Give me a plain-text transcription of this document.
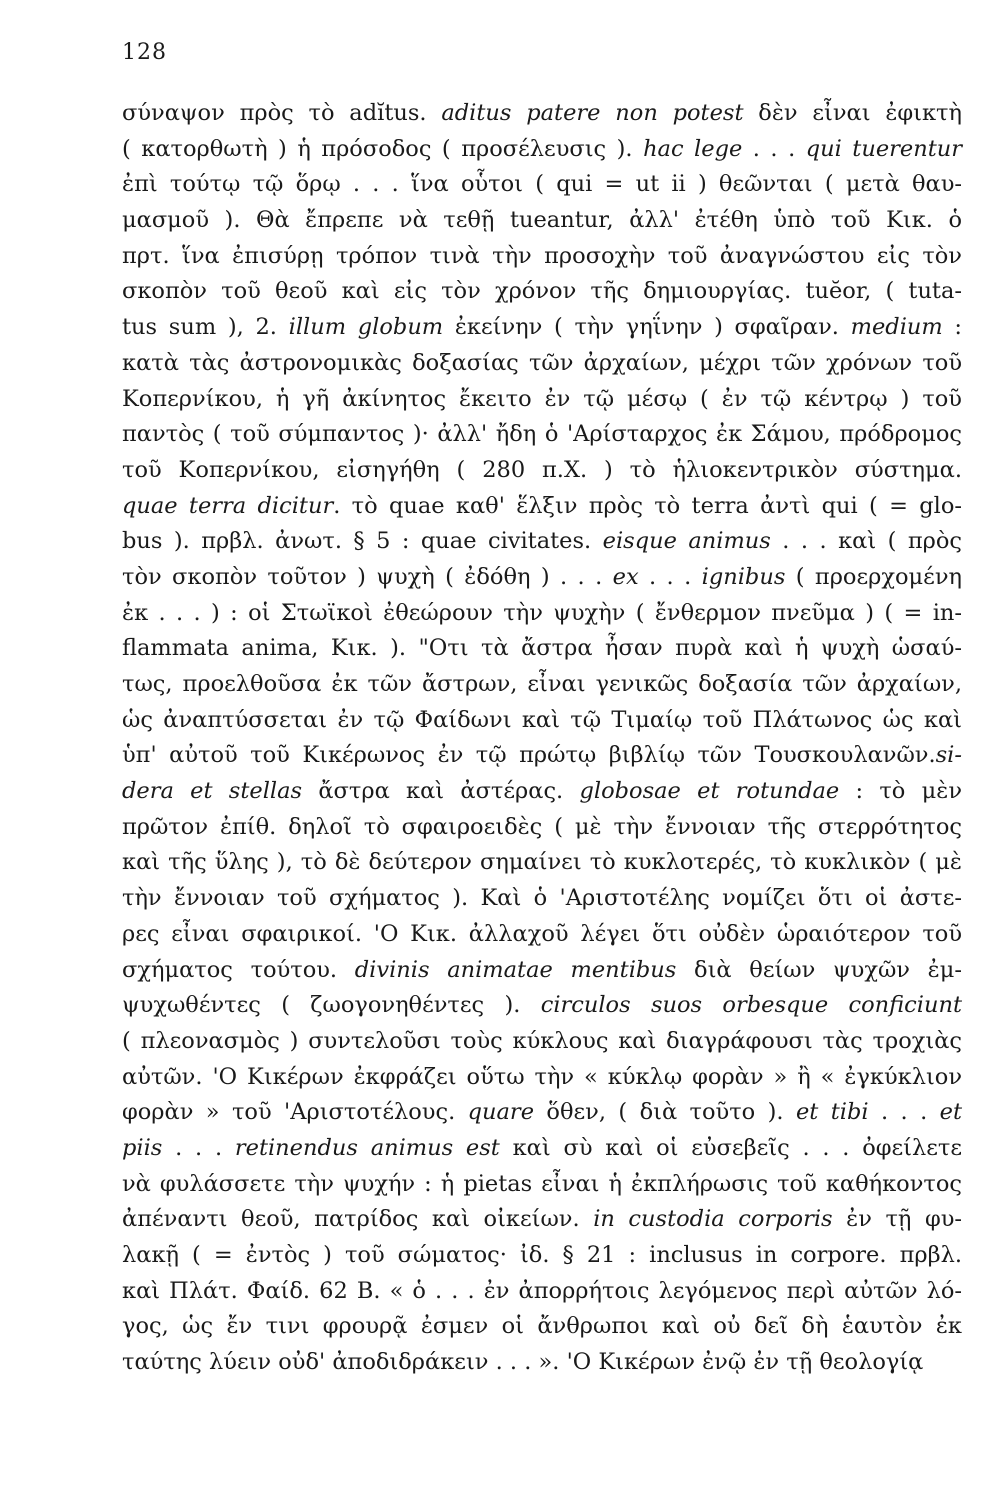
128
σύναψον πρὸς τὸ adĭtus. aditus patere non potest δὲν εἶναι ἐφικτὴ
( κατορθωτὴ ) ἡ πρόσοδος ( προσέλευσις ). hac lege . . . qui tuerentur
ἐπὶ τούτῳ τῷ ὅρῳ . . . ἵνα οὗτοι ( qui = ut ii ) θεῶνται ( μετὰ θαυ-
μασμοῦ ). Θὰ ἔπρεπε νὰ τεθῇ tueantur, ἀλλ' ἐτέθη ὑπὸ τοῦ Κικ. ὁ
πρτ. ἵνα ἐπισύρῃ τρόπον τινὰ τὴν προσοχὴν τοῦ ἀναγνώστου εἰς τὸν
σκοπὸν τοῦ θεοῦ καὶ εἰς τὸν χρόνον τῆς δημιουργίας. tuĕor, ( tuta-
tus sum ), 2. illum globum ἐκείνην ( τὴν γηΐνην ) σφαῖραν. medium :
κατὰ τὰς ἀστρονομικὰς δοξασίας τῶν ἀρχαίων, μέχρι τῶν χρόνων τοῦ
Κοπερνίκου, ἡ γῆ ἀκίνητος ἔκειτο ἐν τῷ μέσῳ ( ἐν τῷ κέντρῳ ) τοῦ
παντὸς ( τοῦ σύμπαντος )· ἀλλ' ἤδη ὁ 'Αρίσταρχος ἐκ Σάμου, πρόδρομος
τοῦ Κοπερνίκου, εἰσηγήθη ( 280 π.Χ. ) τὸ ἡλιοκεντρικὸν σύστημα.
quae terra dicitur. τὸ quae καθ' ἕλξιν πρὸς τὸ terra ἀντὶ qui ( = glo-
bus ). πρβλ. ἀνωτ. § 5 : quae civitates. eisque animus . . . καὶ ( πρὸς
τὸν σκοπὸν τοῦτον ) ψυχὴ ( ἐδόθη ) . . . ex . . . ignibus ( προερχομένη
ἐκ . . . ) : οἱ Στωϊκοὶ ἐθεώρουν τὴν ψυχὴν ( ἔνθερμον πνεῦμα ) ( = in-
flammata anima, Κικ. ). "Οτι τὰ ἄστρα ἦσαν πυρὰ καὶ ἡ ψυχὴ ὡσαύ-
τως, προελθοῦσα ἐκ τῶν ἄστρων, εἶναι γενικῶς δοξασία τῶν ἀρχαίων,
ὡς ἀναπτύσσεται ἐν τῷ Φαίδωνι καὶ τῷ Τιμαίῳ τοῦ Πλάτωνος ὡς καὶ
ὑπ' αὐτοῦ τοῦ Κικέρωνος ἐν τῷ πρώτῳ βιβλίῳ τῶν Τουσκουλανῶν.si-
dera et stellas ἄστρα καὶ ἀστέρας. globosae et rotundae : τὸ μὲν
πρῶτον ἐπίθ. δηλοῖ τὸ σφαιροειδὲς ( μὲ τὴν ἔννοιαν τῆς στερρότητος
καὶ τῆς ὕλης ), τὸ δὲ δεύτερον σημαίνει τὸ κυκλοτερές, τὸ κυκλικὸν ( μὲ
τὴν ἔννοιαν τοῦ σχήματος ). Καὶ ὁ 'Αριστοτέλης νομίζει ὅτι οἱ ἀστε-
ρες εἶναι σφαιρικοί. 'Ο Κικ. ἀλλαχοῦ λέγει ὅτι οὐδὲν ὡραιότερον τοῦ
σχήματος τούτου. divinis animatae mentibus διὰ θείων ψυχῶν ἐμ-
ψυχωθέντες ( ζωογονηθέντες ). circulos suos orbesque conficiunt
( πλεονασμὸς ) συντελοῦσι τοὺς κύκλους καὶ διαγράφουσι τὰς τροχιὰς
αὐτῶν. 'Ο Κικέρων ἐκφράζει οὕτω τὴν « κύκλῳ φορὰν » ἢ « ἐγκύκλιον
φορὰν » τοῦ 'Αριστοτέλους. quare ὅθεν, ( διὰ τοῦτο ). et tibi . . . et
piis . . . retinendus animus est καὶ σὺ καὶ οἱ εὐσεβεῖς . . . ὀφείλετε
νὰ φυλάσσετε τὴν ψυχήν : ἡ pietas εἶναι ἡ ἐκπλήρωσις τοῦ καθήκοντος
ἀπέναντι θεοῦ, πατρίδος καὶ οἰκείων. in custodia corporis ἐν τῇ φυ-
λακῇ ( = ἐντὸς ) τοῦ σώματος· ἰδ. § 21 : inclusus in corpore. πρβλ.
καὶ Πλάτ. Φαίδ. 62 B. « ὁ . . . ἐν ἀπορρήτοις λεγόμενος περὶ αὐτῶν λό-
γος, ὡς ἔν τινι φρουρᾷ ἐσμεν οἱ ἄνθρωποι καὶ οὐ δεῖ δὴ ἑαυτὸν ἐκ
ταύτης λύειν οὐδ' ἀποδιδράκειν . . . ». 'Ο Κικέρων ἐνῷ ἐν τῇ θεολογίᾳ
